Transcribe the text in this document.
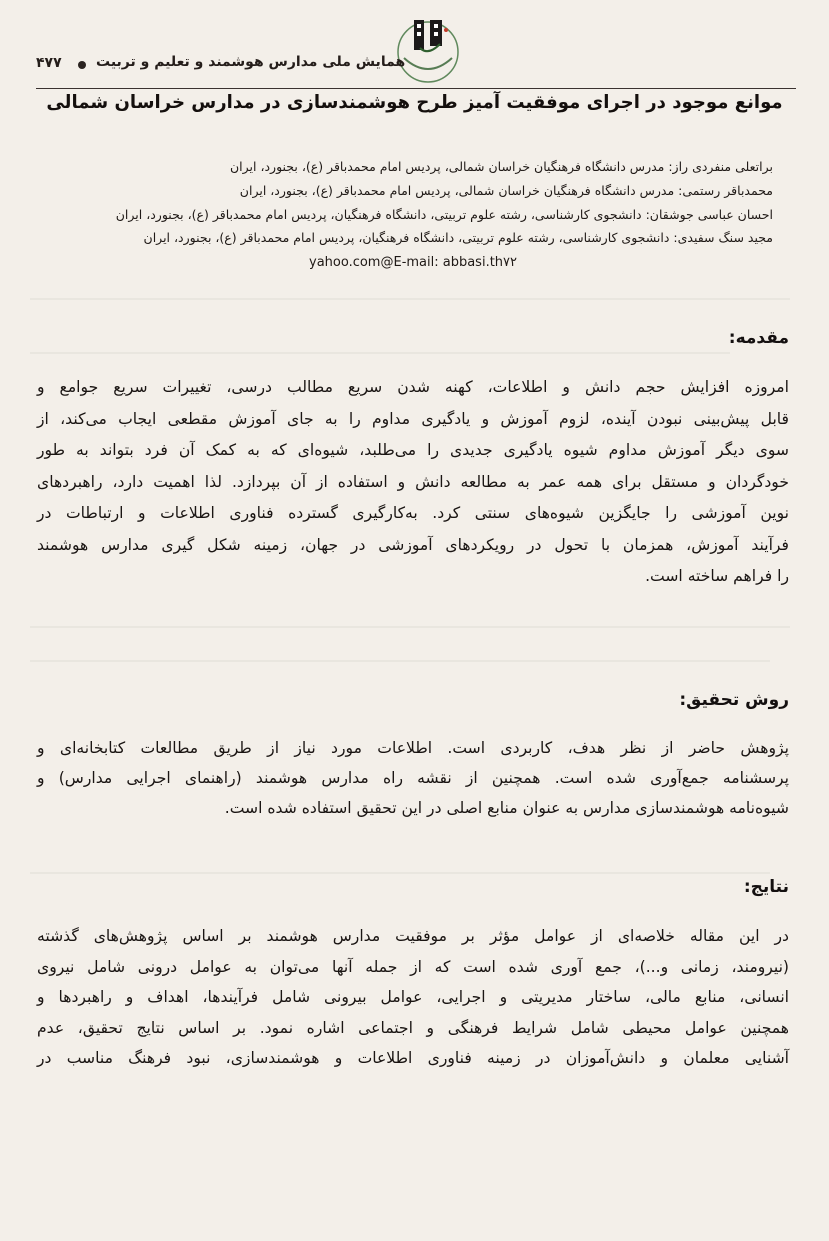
۴۷۷ همایش ملی مدارس هوشمند و تعلیم و تربیت
موانع موجود در اجرای موفقیت آمیز طرح هوشمندسازی در مدارس خراسان شمالی
براتعلی منفردی راز: مدرس دانشگاه فرهنگیان خراسان شمالی، پردیس امام محمدباقر (ع)، بجنورد، ایران
محمدباقر رستمی: مدرس دانشگاه فرهنگیان خراسان شمالی، پردیس امام محمدباقر (ع)، بجنورد، ایران
احسان عباسی جوشقان: دانشجوی کارشناسی، رشته علوم تربیتی، دانشگاه فرهنگیان، پردیس امام محمدباقر (ع)، بجنورد، ایران
مجید سنگ سفیدی: دانشجوی کارشناسی، رشته علوم تربیتی، دانشگاه فرهنگیان، پردیس امام محمدباقر (ع)، بجنورد، ایران
yahoo.com@E-mail: abbasi.th۷۲
مقدمه:
امروزه افزایش حجم دانش و اطلاعات، کهنه شدن سریع مطالب درسی، تغییرات سریع جوامع و
قابل پیش‌بینی نبودن آینده، لزوم آموزش و یادگیری مداوم را به جای آموزش مقطعی ایجاب می‌کند، از
سوی دیگر آموزش مداوم شیوه یادگیری جدیدی را می‌طلبد، شیوه‌ای که به کمک آن فرد بتواند به طور
خودگردان و مستقل برای همه عمر به مطالعه دانش و استفاده از آن بپردازد. لذا اهمیت دارد، راهبردهای
نوین آموزشی را جایگزین شیوه‌های سنتی کرد. به‌کارگیری گسترده فناوری اطلاعات و ارتباطات در
فرآیند آموزش، همزمان با تحول در رویکردهای آموزشی در جهان، زمینه شکل گیری مدارس هوشمند
را فراهم ساخته است.
روش تحقیق:
پژوهش حاضر از نظر هدف، کاربردی است. اطلاعات مورد نیاز از طریق مطالعات کتابخانه‌ای و
پرسشنامه جمع‌آوری شده است. همچنین از نقشه راه مدارس هوشمند (راهنمای اجرایی مدارس) و
شیوه‌نامه هوشمندسازی مدارس به عنوان منابع اصلی در این تحقیق استفاده شده است.
نتایج:
در این مقاله خلاصه‌ای از عوامل مؤثر بر موفقیت مدارس هوشمند بر اساس پژوهش‌های گذشته
(نیرومند، زمانی و...)، جمع آوری شده است که از جمله آنها می‌توان به عوامل درونی شامل نیروی
انسانی، منابع مالی، ساختار مدیریتی و اجرایی، عوامل بیرونی شامل فرآیندها، اهداف و راهبردها و
همچنین عوامل محیطی شامل شرایط فرهنگی و اجتماعی اشاره نمود. بر اساس نتایج تحقیق، عدم
آشنایی معلمان و دانش‌آموزان در زمینه فناوری اطلاعات و هوشمندسازی، نبود فرهنگ مناسب در
